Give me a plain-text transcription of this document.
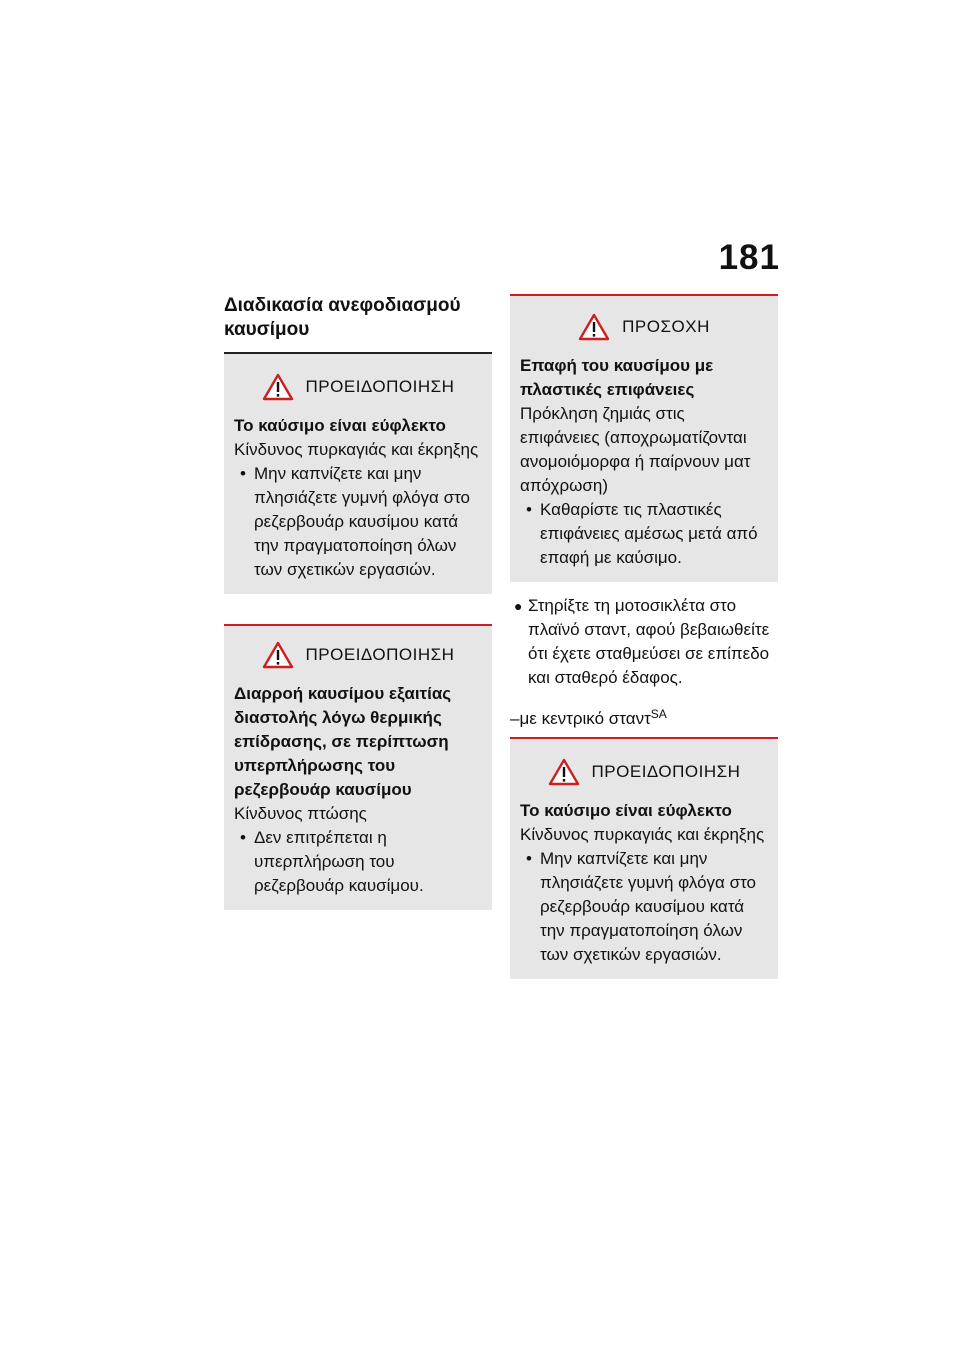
181

Διαδικασία ανεφοδιασμού

καυσίμου

ΠΡΟΕΙΔΟΠΟΙΗΣΗ

Το καύσιμο είναι εύφλεκτο

Κίνδυνος πυρκαγιάς και έκρηξης

• Μην καπνίζετε και μην πλησιάζετε γυμνή φλόγα στο ρεζερβουάρ καυσίμου κατά την πραγματοποίηση όλων των σχετικών εργασιών.

ΠΡΟΕΙΔΟΠΟΙΗΣΗ

Διαρροή καυσίμου εξαιτίας διαστολής λόγω θερμικής επίδρασης, σε περίπτωση υπερπλήρωσης του ρεζερβουάρ καυσίμου

Κίνδυνος πτώσης

• Δεν επιτρέπεται η υπερπλήρωση του ρεζερβουάρ καυσίμου.

ΠΡΟΣΟΧΗ

Επαφή του καυσίμου με πλαστικές επιφάνειες

Πρόκληση ζημιάς στις επιφάνειες (αποχρωματίζονται ανομοιόμορφα ή παίρνουν ματ απόχρωση)

• Καθαρίστε τις πλαστικές επιφάνειες αμέσως μετά από επαφή με καύσιμο.

● Στηρίξτε τη μοτοσικλέτα στο πλαϊνό σταντ, αφού βεβαιωθείτε ότι έχετε σταθμεύσει σε επίπεδο και σταθερό έδαφος.

–με κεντρικό σταντ$^{SA}$

ΠΡΟΕΙΔΟΠΟΙΗΣΗ

Το καύσιμο είναι εύφλεκτο

Κίνδυνος πυρκαγιάς και έκρηξης

• Μην καπνίζετε και μην πλησιάζετε γυμνή φλόγα στο ρεζερβουάρ καυσίμου κατά την πραγματοποίηση όλων των σχετικών εργασιών.
